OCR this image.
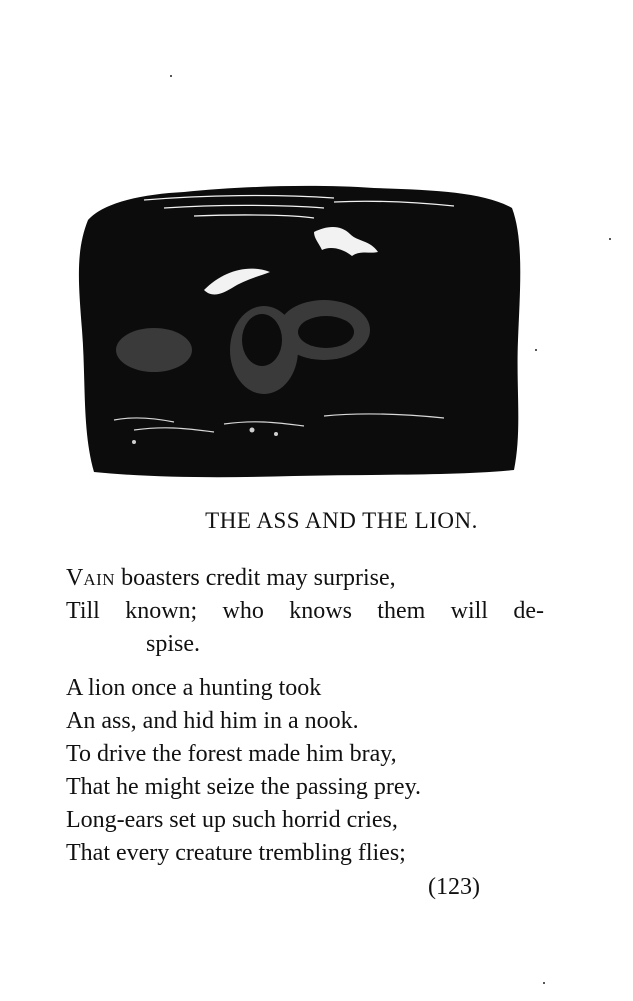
THE ASS AND THE LION.
VAIN boasters credit may surprise,
Till known; who knows them will de-
spise.
A lion once a hunting took
An ass, and hid him in a nook.
To drive the forest made him bray,
That he might seize the passing prey.
Long-ears set up such horrid cries,
That every creature trembling flies;
(123)
